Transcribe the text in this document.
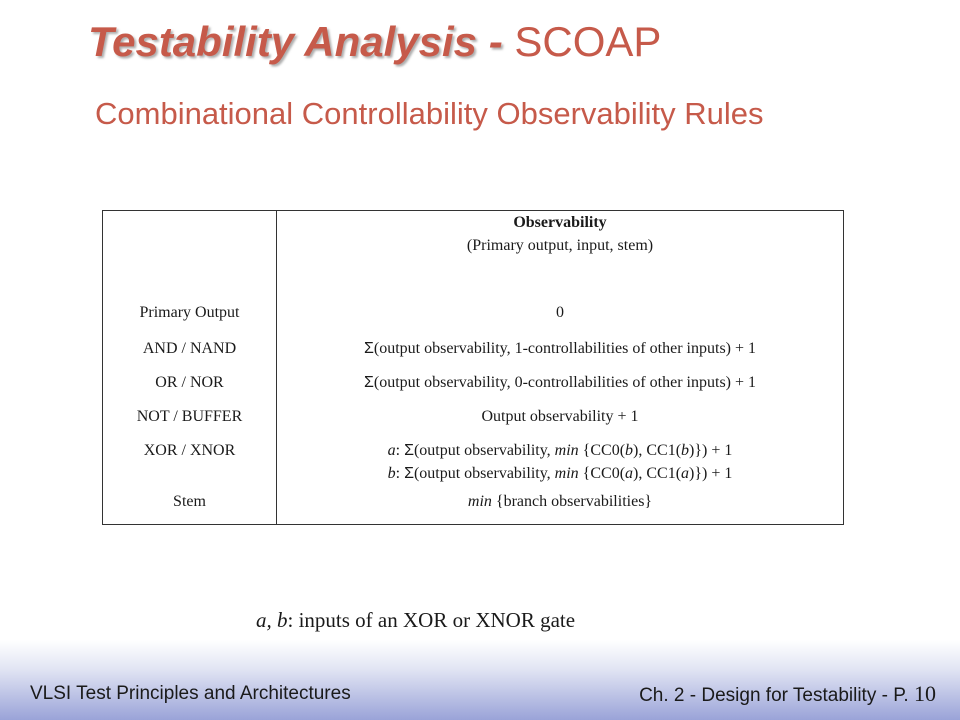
Testability Analysis - SCOAP
Combinational Controllability Observability Rules

	Observability
(Primary output, input, stem)

Primary Output	0
AND / NAND	Σ(output observability, 1-controllabilities of other inputs) + 1
OR / NOR	Σ(output observability, 0-controllabilities of other inputs) + 1
NOT / BUFFER	Output observability + 1
XOR / XNOR	a: Σ(output observability, min {CC0(b), CC1(b)}) + 1
b: Σ(output observability, min {CC0(a), CC1(a)}) + 1

Stem	min {branch observabilities}

a, b: inputs of an XOR or XNOR gate

VLSI Test Principles and Architectures	Ch. 2 - Design for Testability - P. 10
